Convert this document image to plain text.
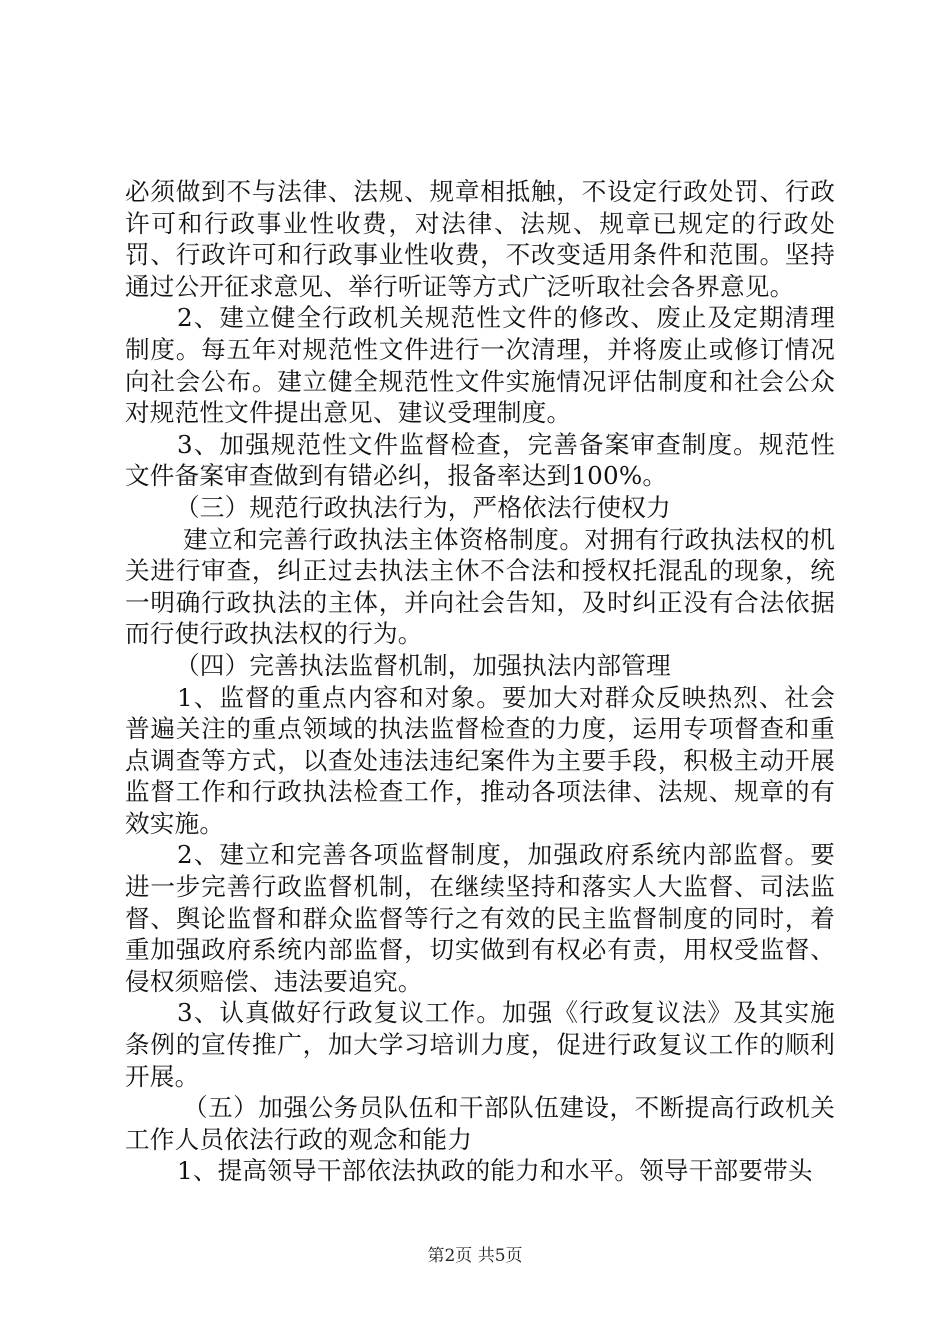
必须做到不与法律、法规、规章相抵触，不设定行政处罚、行政许可和行政事业性收费，对法律、法规、规章已规定的行政处罚、行政许可和行政事业性收费，不改变适用条件和范围。坚持通过公开征求意见、举行听证等方式广泛听取社会各界意见。

2、建立健全行政机关规范性文件的修改、废止及定期清理制度。每五年对规范性文件进行一次清理，并将废止或修订情况向社会公布。建立健全规范性文件实施情况评估制度和社会公众对规范性文件提出意见、建议受理制度。

3、加强规范性文件监督检查，完善备案审查制度。规范性文件备案审查做到有错必纠，报备率达到100%。

（三）规范行政执法行为，严格依法行使权力

建立和完善行政执法主体资格制度。对拥有行政执法权的机关进行审查，纠正过去执法主休不合法和授权托混乱的现象，统一明确行政执法的主体，并向社会告知，及时纠正没有合法依据而行使行政执法权的行为。

（四）完善执法监督机制，加强执法内部管理

1、监督的重点内容和对象。要加大对群众反映热烈、社会普遍关注的重点领域的执法监督检查的力度，运用专项督查和重点调查等方式，以查处违法违纪案件为主要手段，积极主动开展监督工作和行政执法检查工作，推动各项法律、法规、规章的有效实施。

2、建立和完善各项监督制度，加强政府系统内部监督。要进一步完善行政监督机制，在继续坚持和落实人大监督、司法监督、舆论监督和群众监督等行之有效的民主监督制度的同时，着重加强政府系统内部监督，切实做到有权必有责，用权受监督、侵权须赔偿、违法要追究。

3、认真做好行政复议工作。加强《行政复议法》及其实施条例的宣传推广，加大学习培训力度，促进行政复议工作的顺利开展。

（五）加强公务员队伍和干部队伍建设，不断提高行政机关工作人员依法行政的观念和能力

1、提高领导干部依法执政的能力和水平。领导干部要带头

第2页 共5页
